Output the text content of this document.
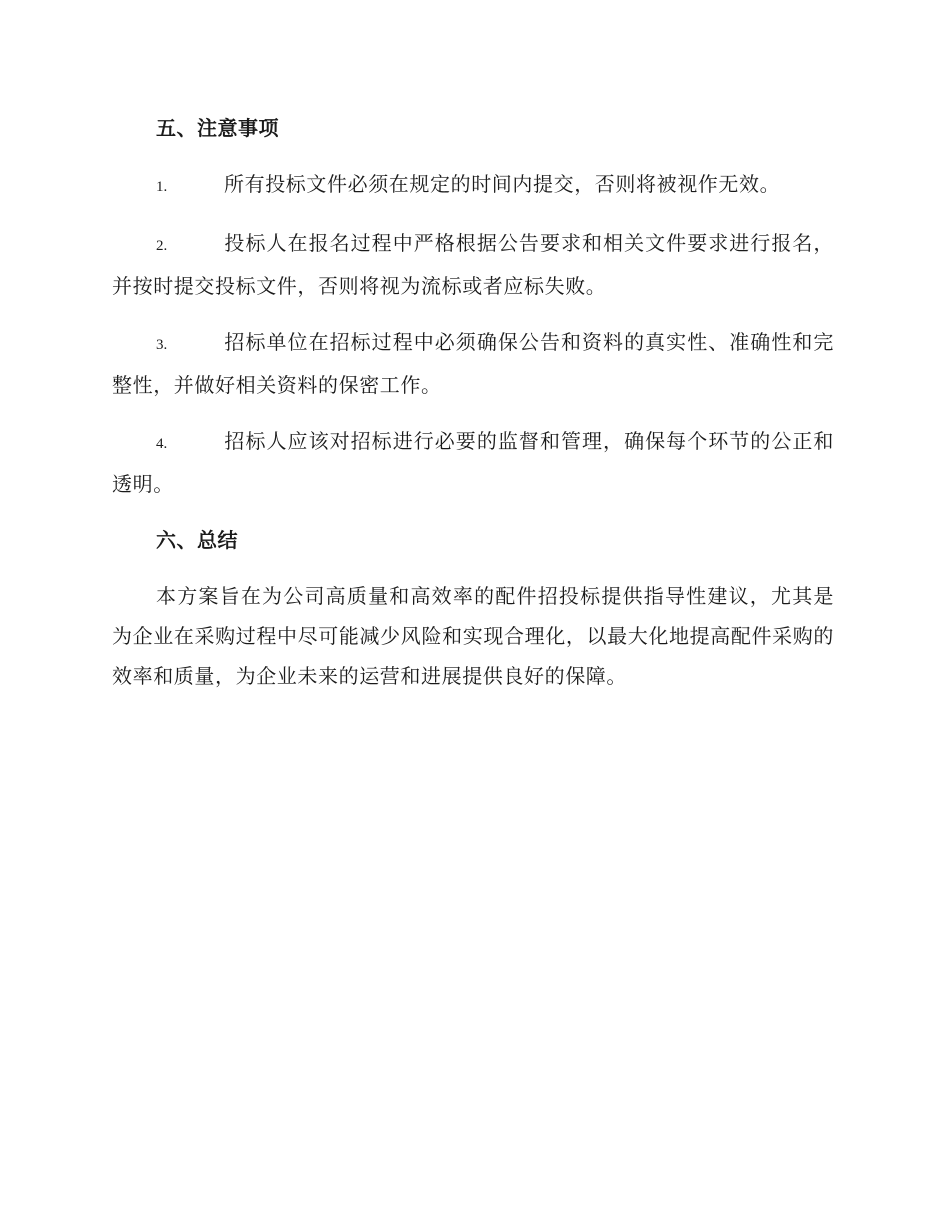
五、注意事项
1.	所有投标文件必须在规定的时间内提交，否则将被视作无效。
2.	投标人在报名过程中严格根据公告要求和相关文件要求进行报名，并按时提交投标文件，否则将视为流标或者应标失败。
3.	招标单位在招标过程中必须确保公告和资料的真实性、准确性和完整性，并做好相关资料的保密工作。
4.	招标人应该对招标进行必要的监督和管理，确保每个环节的公正和透明。
六、总结

本方案旨在为公司高质量和高效率的配件招投标提供指导性建议，尤其是为企业在采购过程中尽可能减少风险和实现合理化，以最大化地提高配件采购的效率和质量，为企业未来的运营和进展提供良好的保障。
